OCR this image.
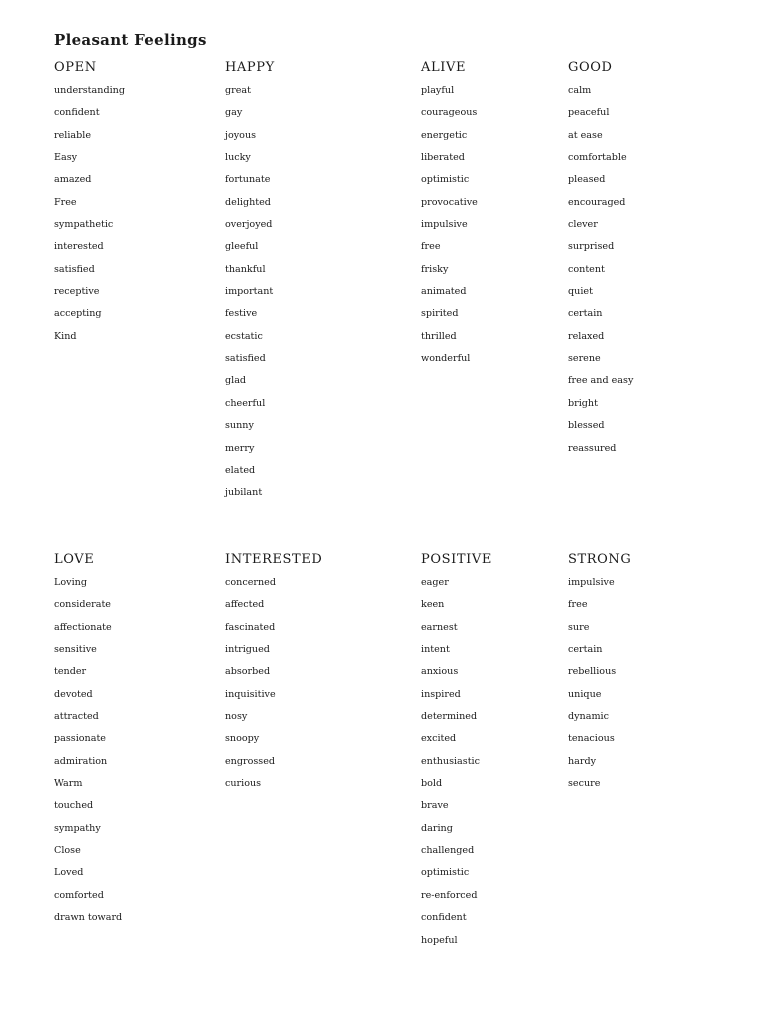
Pleasant Feelings
OPEN
understanding
confident
reliable
Easy
amazed
Free
sympathetic
interested
satisfied
receptive
accepting
Kind
HAPPY
great
gay
joyous
lucky
fortunate
delighted
overjoyed
gleeful
thankful
important
festive
ecstatic
satisfied
glad
cheerful
sunny
merry
elated
jubilant
ALIVE
playful
courageous
energetic
liberated
optimistic
provocative
impulsive
free
frisky
animated
spirited
thrilled
wonderful
GOOD
calm
peaceful
at ease
comfortable
pleased
encouraged
clever
surprised
content
quiet
certain
relaxed
serene
free and easy
bright
blessed
reassured
LOVE
Loving
considerate
affectionate
sensitive
tender
devoted
attracted
passionate
admiration
Warm
touched
sympathy
Close
Loved
comforted
drawn toward
INTERESTED
concerned
affected
fascinated
intrigued
absorbed
inquisitive
nosy
snoopy
engrossed
curious
POSITIVE
eager
keen
earnest
intent
anxious
inspired
determined
excited
enthusiastic
bold
brave
daring
challenged
optimistic
re-enforced
confident
hopeful
STRONG
impulsive
free
sure
certain
rebellious
unique
dynamic
tenacious
hardy
secure
